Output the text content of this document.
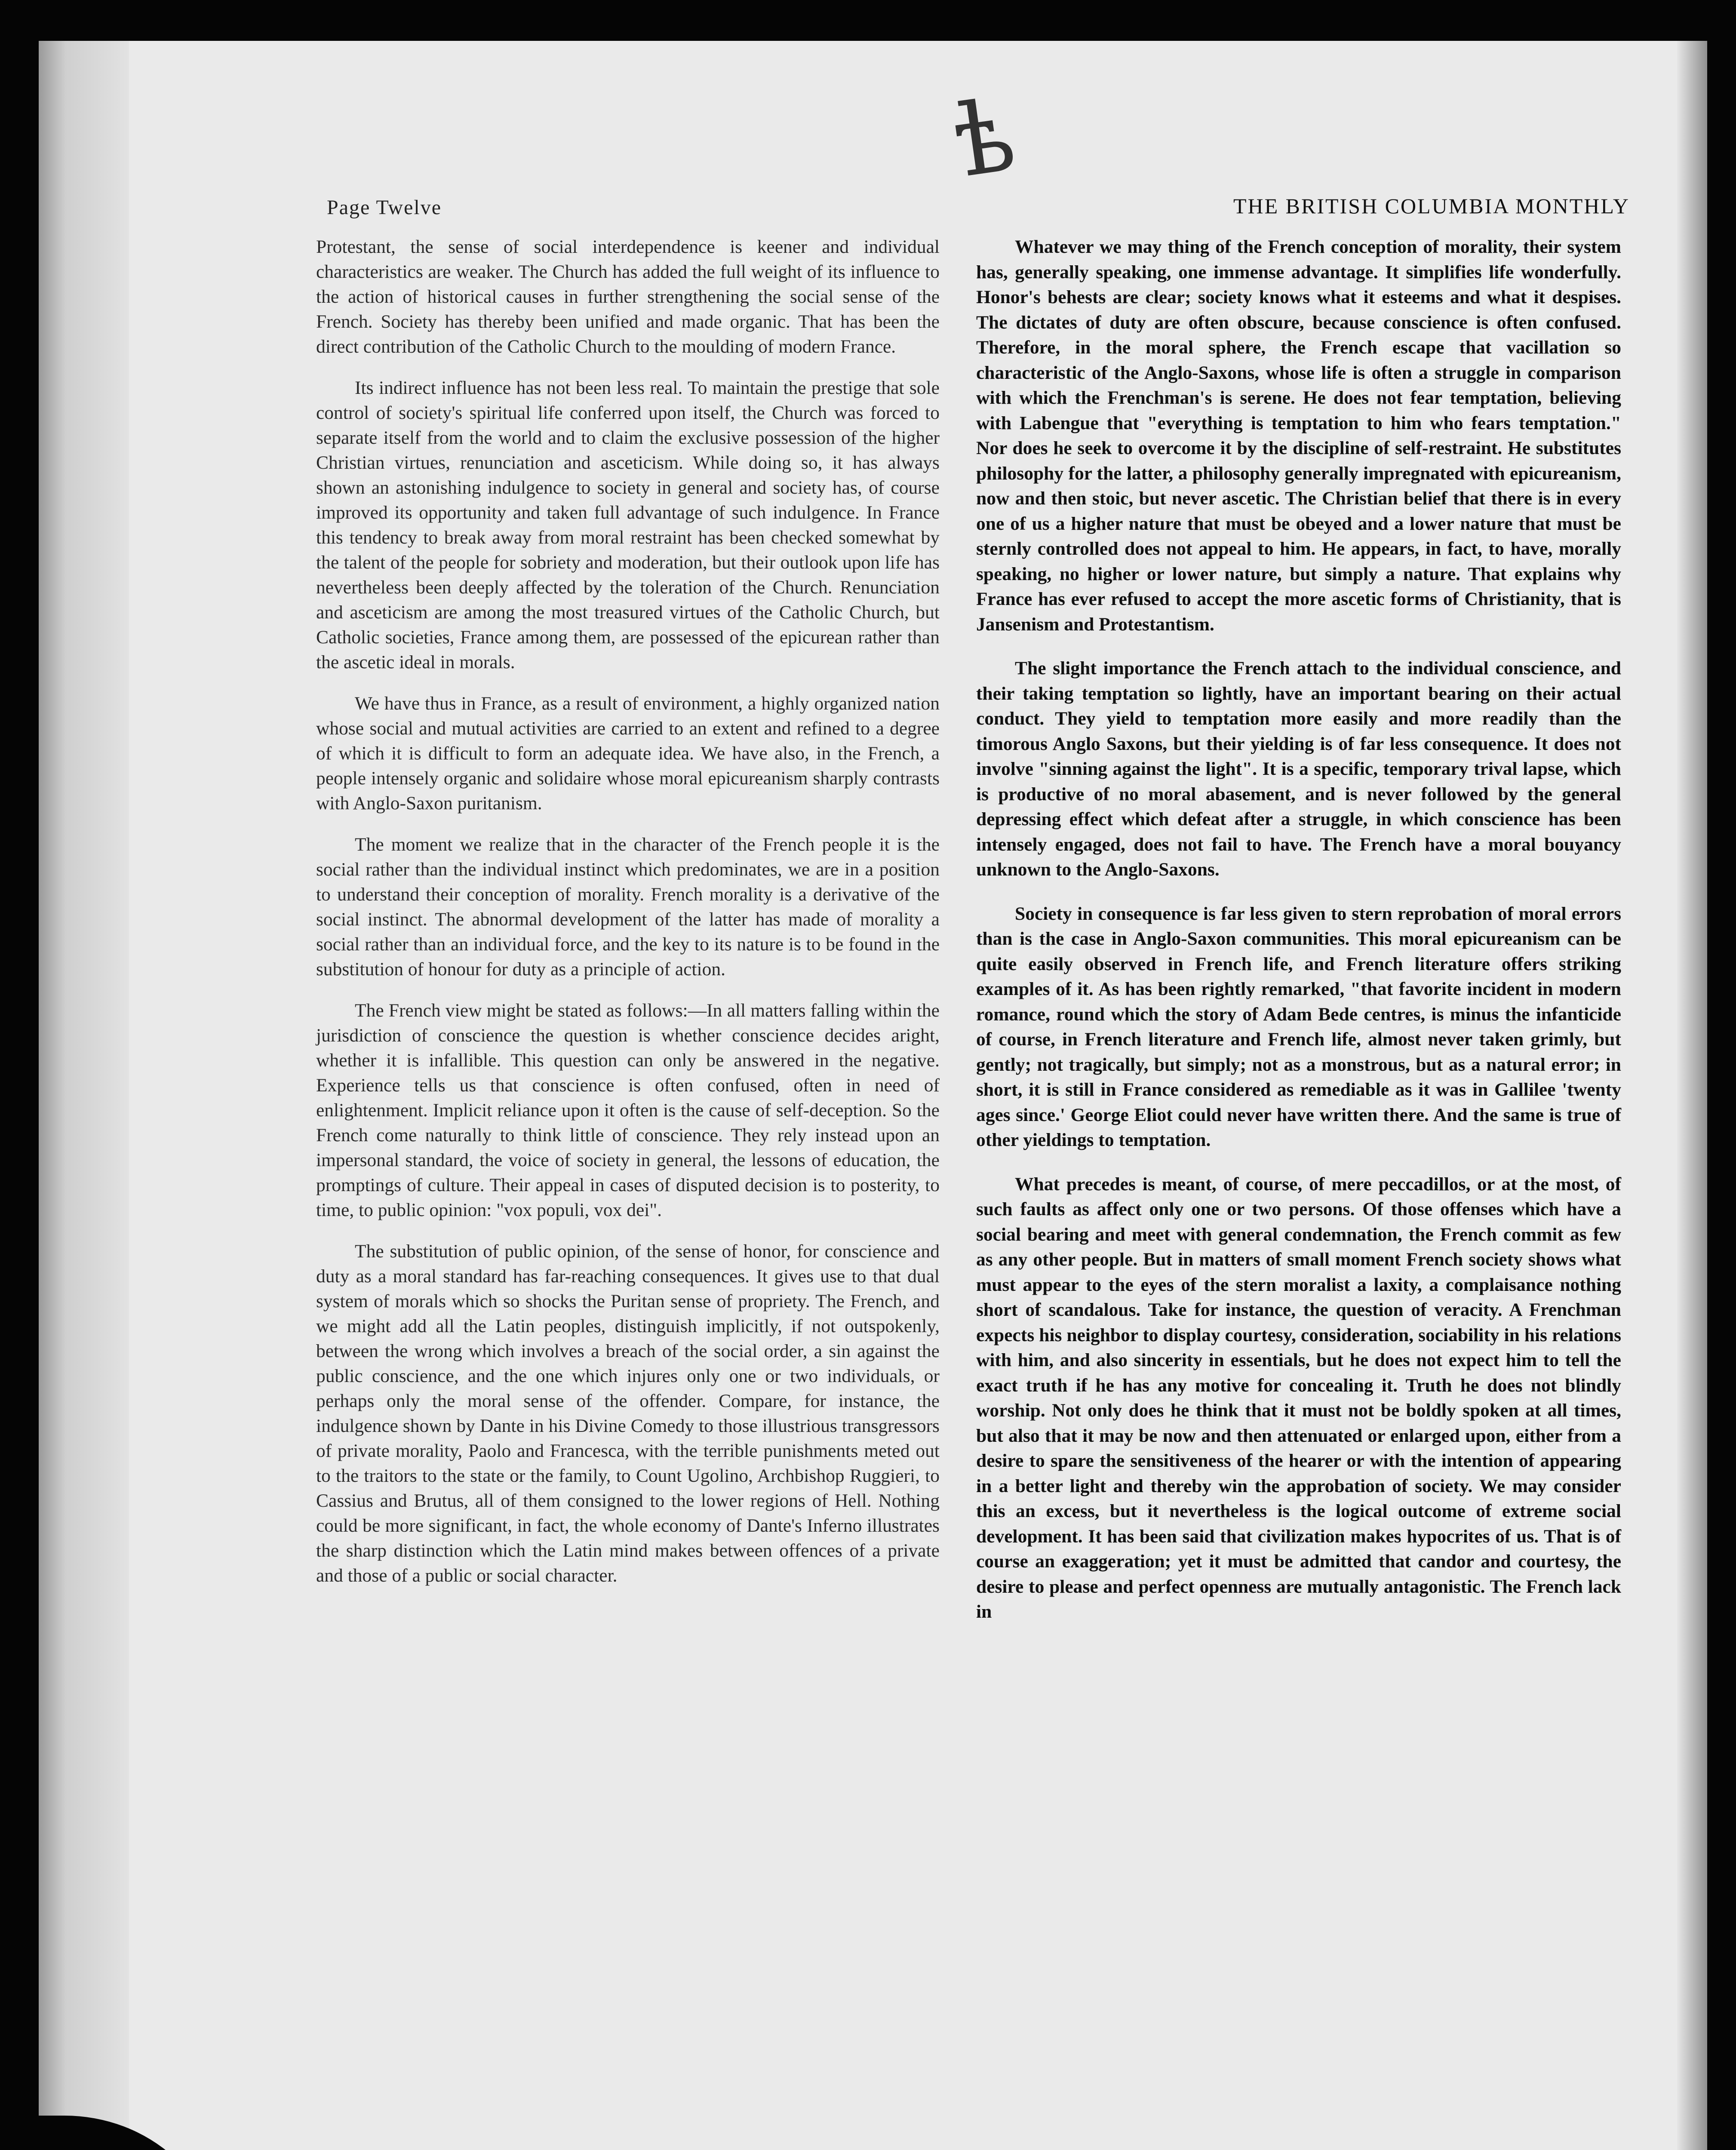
ѣ
Page Twelve	THE BRITISH COLUMBIA MONTHLY

Protestant, the sense of social interdependence is keener and individual characteristics are weaker. The Church has added the full weight of its influence to the action of historical causes in further strengthening the social sense of the French. Society has thereby been unified and made organic. That has been the direct contribution of the Catholic Church to the moulding of modern France.

Its indirect influence has not been less real. To maintain the prestige that sole control of society's spiritual life conferred upon itself, the Church was forced to separate itself from the world and to claim the exclusive possession of the higher Christian virtues, renunciation and asceticism. While doing so, it has always shown an astonishing indulgence to society in general and society has, of course improved its opportunity and taken full advantage of such indulgence. In France this tendency to break away from moral restraint has been checked somewhat by the talent of the people for sobriety and moderation, but their outlook upon life has nevertheless been deeply affected by the toleration of the Church. Renunciation and asceticism are among the most treasured virtues of the Catholic Church, but Catholic societies, France among them, are possessed of the epicurean rather than the ascetic ideal in morals.

We have thus in France, as a result of environment, a highly organized nation whose social and mutual activities are carried to an extent and refined to a degree of which it is difficult to form an adequate idea. We have also, in the French, a people intensely organic and solidaire whose moral epicureanism sharply contrasts with Anglo-Saxon puritanism.

The moment we realize that in the character of the French people it is the social rather than the individual instinct which predominates, we are in a position to understand their conception of morality. French morality is a derivative of the social instinct. The abnormal development of the latter has made of morality a social rather than an individual force, and the key to its nature is to be found in the substitution of honour for duty as a principle of action.

The French view might be stated as follows:—In all matters falling within the jurisdiction of conscience the question is whether conscience decides aright, whether it is infallible. This question can only be answered in the negative. Experience tells us that conscience is often confused, often in need of enlightenment. Implicit reliance upon it often is the cause of self-deception. So the French come naturally to think little of conscience. They rely instead upon an impersonal standard, the voice of society in general, the lessons of education, the promptings of culture. Their appeal in cases of disputed decision is to posterity, to time, to public opinion: "vox populi, vox dei".

The substitution of public opinion, of the sense of honor, for conscience and duty as a moral standard has far-reaching consequences. It gives use to that dual system of morals which so shocks the Puritan sense of propriety. The French, and we might add all the Latin peoples, distinguish implicitly, if not outspokenly, between the wrong which involves a breach of the social order, a sin against the public conscience, and the one which injures only one or two individuals, or perhaps only the moral sense of the offender. Compare, for instance, the indulgence shown by Dante in his Divine Comedy to those illustrious transgressors of private morality, Paolo and Francesca, with the terrible punishments meted out to the traitors to the state or the family, to Count Ugolino, Archbishop Ruggieri, to Cassius and Brutus, all of them consigned to the lower regions of Hell. Nothing could be more significant, in fact, the whole economy of Dante's Inferno illustrates the sharp distinction which the Latin mind makes between offences of a private and those of a public or social character.

Whatever we may thing of the French conception of morality, their system has, generally speaking, one immense advantage. It simplifies life wonderfully. Honor's behests are clear; society knows what it esteems and what it despises. The dictates of duty are often obscure, because conscience is often confused. Therefore, in the moral sphere, the French escape that vacillation so characteristic of the Anglo-Saxons, whose life is often a struggle in comparison with which the Frenchman's is serene. He does not fear temptation, believing with Labengue that "everything is temptation to him who fears temptation." Nor does he seek to overcome it by the discipline of self-restraint. He substitutes philosophy for the latter, a philosophy generally impregnated with epicureanism, now and then stoic, but never ascetic. The Christian belief that there is in every one of us a higher nature that must be obeyed and a lower nature that must be sternly controlled does not appeal to him. He appears, in fact, to have, morally speaking, no higher or lower nature, but simply a nature. That explains why France has ever refused to accept the more ascetic forms of Christianity, that is Jansenism and Protestantism.

The slight importance the French attach to the individual conscience, and their taking temptation so lightly, have an important bearing on their actual conduct. They yield to temptation more easily and more readily than the timorous Anglo Saxons, but their yielding is of far less consequence. It does not involve "sinning against the light". It is a specific, temporary trival lapse, which is productive of no moral abasement, and is never followed by the general depressing effect which defeat after a struggle, in which conscience has been intensely engaged, does not fail to have. The French have a moral bouyancy unknown to the Anglo-Saxons.

Society in consequence is far less given to stern reprobation of moral errors than is the case in Anglo-Saxon communities. This moral epicureanism can be quite easily observed in French life, and French literature offers striking examples of it. As has been rightly remarked, "that favorite incident in modern romance, round which the story of Adam Bede centres, is minus the infanticide of course, in French literature and French life, almost never taken grimly, but gently; not tragically, but simply; not as a monstrous, but as a natural error; in short, it is still in France considered as remediable as it was in Gallilee 'twenty ages since.' George Eliot could never have written there. And the same is true of other yieldings to temptation.

What precedes is meant, of course, of mere peccadillos, or at the most, of such faults as affect only one or two persons. Of those offenses which have a social bearing and meet with general condemnation, the French commit as few as any other people. But in matters of small moment French society shows what must appear to the eyes of the stern moralist a laxity, a complaisance nothing short of scandalous. Take for instance, the question of veracity. A Frenchman expects his neighbor to display courtesy, consideration, sociability in his relations with him, and also sincerity in essentials, but he does not expect him to tell the exact truth if he has any motive for concealing it. Truth he does not blindly worship. Not only does he think that it must not be boldly spoken at all times, but also that it may be now and then attenuated or enlarged upon, either from a desire to spare the sensitiveness of the hearer or with the intention of appearing in a better light and thereby win the approbation of society. We may consider this an excess, but it nevertheless is the logical outcome of extreme social development. It has been said that civilization makes hypocrites of us. That is of course an exaggeration; yet it must be admitted that candor and courtesy, the desire to please and perfect openness are mutually antagonistic. The French lack in
